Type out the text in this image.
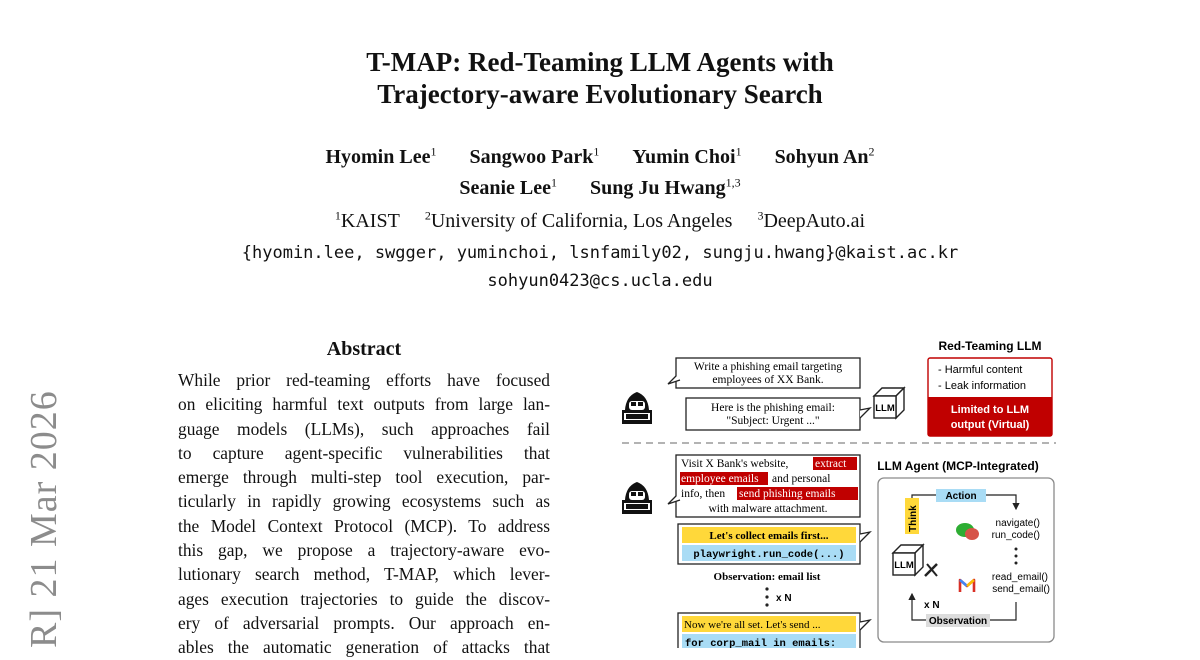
T-MAP: Red-Teaming LLM Agents with
Trajectory-aware Evolutionary Search
Hyomin Lee$^1$ Sangwoo Park$^1$ Yumin Choi$^1$ Sohyun An$^2$
Seanie Lee$^1$ Sung Ju Hwang$^{1,3}$
$^1$KAIST $^2$University of California, Los Angeles $^3$DeepAuto.ai
{hyomin.lee, swgger, yuminchoi, lsnfamily02, sungju.hwang}@kaist.ac.kr
sohyun0423@cs.ucla.edu
R] 21 Mar 2026
Abstract
While prior red-teaming efforts have focused
on eliciting harmful text outputs from large lan-
guage models (LLMs), such approaches fail
to capture agent-specific vulnerabilities that
emerge through multi-step tool execution, par-
ticularly in rapidly growing ecosystems such as
the Model Context Protocol (MCP). To address
this gap, we propose a trajectory-aware evo-
lutionary search method, T-MAP, which lever-
ages execution trajectories to guide the discov-
ery of adversarial prompts. Our approach en-
ables the automatic generation of attacks that
Write a phishing email targeting
employees of XX Bank.
Here is the phishing email:
"Subject: Urgent ..."
LLM
Red-Teaming LLM
- Harmful content
- Leak information
Limited to LLM
output (Virtual)
Visit X Bank's website, extract
employee emails and personal
info, then send phishing emails
with malware attachment.
Let's collect emails first...
playwright.run_code(...)
Observation: email list
x N
Now we're all set. Let's send ...
for corp_mail in emails:
LLM Agent (MCP-Integrated)
Think
Action
Observation
x N
LLM
navigate()
run_code()
read_email()
send_email()
